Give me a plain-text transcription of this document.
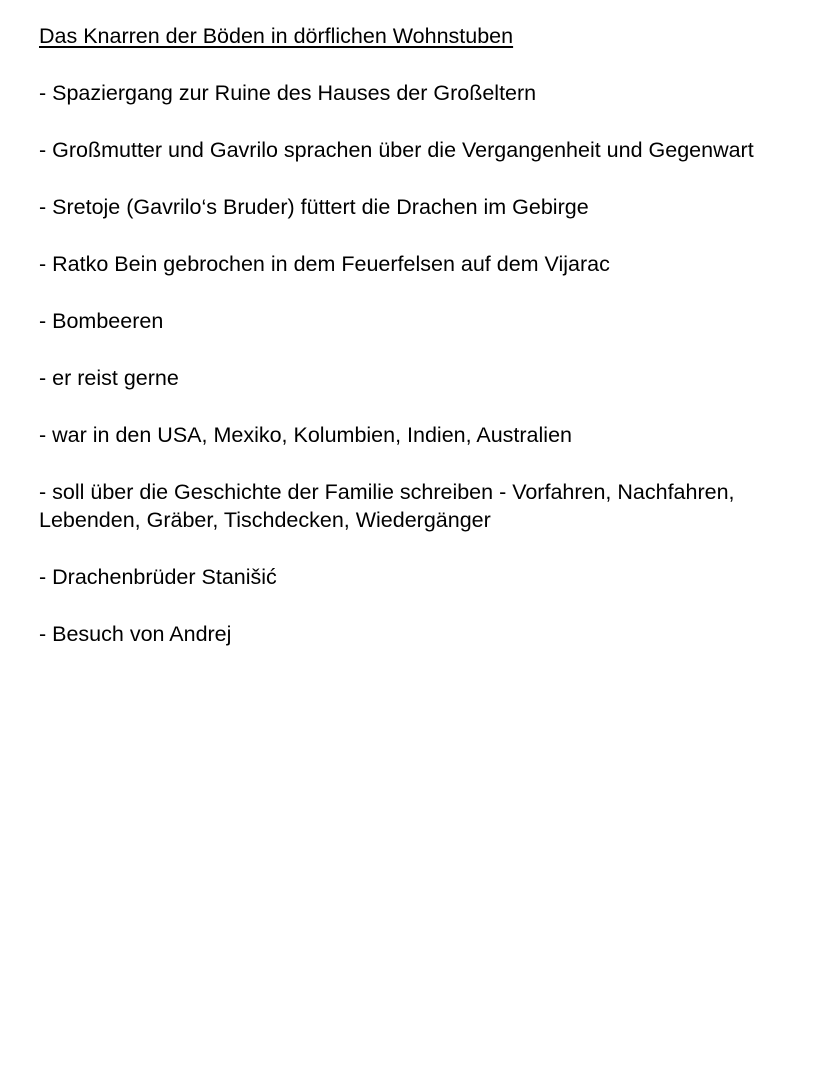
Das Knarren der Böden in dörflichen Wohnstuben
- Spaziergang zur Ruine des Hauses der Großeltern
- Großmutter und Gavrilo sprachen über die Vergangenheit und Gegenwart
- Sretoje (Gavrilo‘s Bruder) füttert die Drachen im Gebirge
- Ratko Bein gebrochen in dem Feuerfelsen auf dem Vijarac
- Bombeeren
- er reist gerne
- war in den USA, Mexiko, Kolumbien, Indien, Australien
- soll über die Geschichte der Familie schreiben - Vorfahren, Nachfahren, Lebenden, Gräber, Tischdecken, Wiedergänger
- Drachenbrüder Stanišić
- Besuch von Andrej
